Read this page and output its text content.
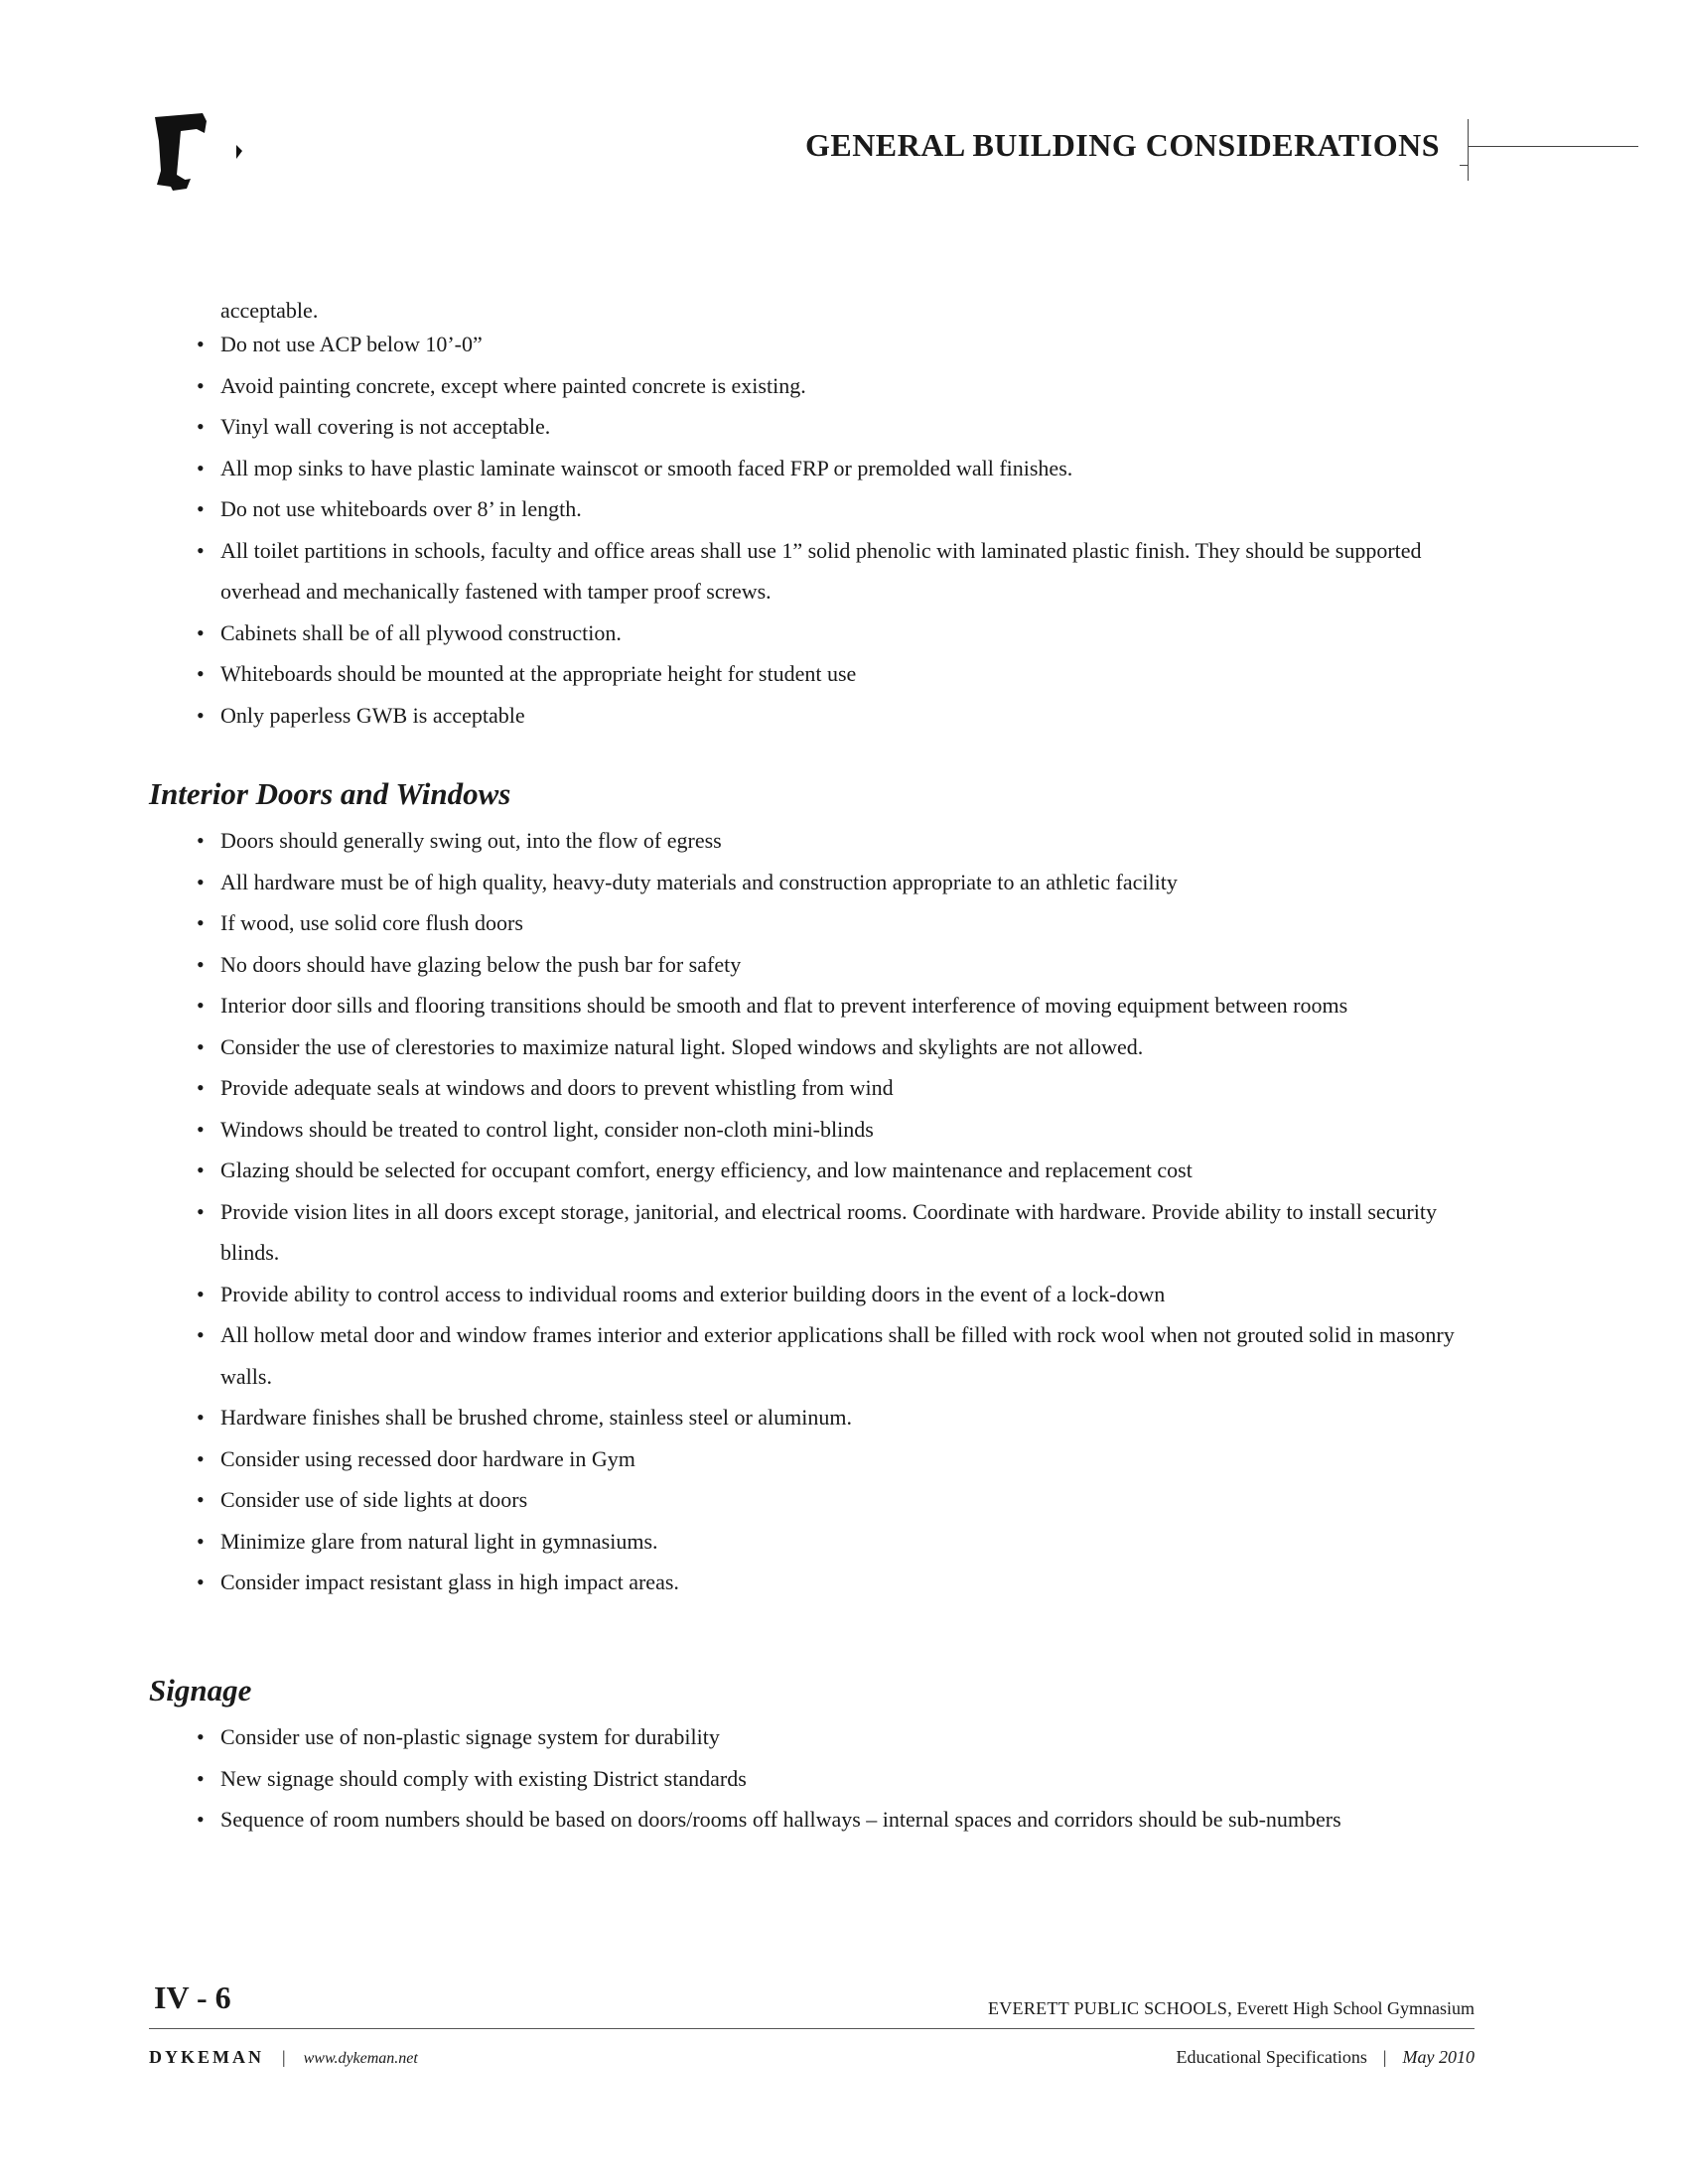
GENERAL BUILDING CONSIDERATIONS
acceptable.
• Do not use ACP below 10’-0”
• Avoid painting concrete, except where painted concrete is existing.
• Vinyl wall covering is not acceptable.
• All mop sinks to have plastic laminate wainscot or smooth faced FRP or premolded wall finishes.
• Do not use whiteboards over 8’ in length.
• All toilet partitions in schools, faculty and office areas shall use 1” solid phenolic with laminated plastic finish. They should be supported overhead and mechanically fastened with tamper proof screws.
• Cabinets shall be of all plywood construction.
• Whiteboards should be mounted at the appropriate height for student use
• Only paperless GWB is acceptable
Interior Doors and Windows
• Doors should generally swing out, into the flow of egress
• All hardware must be of high quality, heavy-duty materials and construction appropriate to an athletic facility
• If wood, use solid core flush doors
• No doors should have glazing below the push bar for safety
• Interior door sills and flooring transitions should be smooth and flat to prevent interference of moving equipment between rooms
• Consider the use of clerestories to maximize natural light. Sloped windows and skylights are not allowed.
• Provide adequate seals at windows and doors to prevent whistling from wind
• Windows should be treated to control light, consider non-cloth mini-blinds
• Glazing should be selected for occupant comfort, energy efficiency, and low maintenance and replacement cost
• Provide vision lites in all doors except storage, janitorial, and electrical rooms. Coordinate with hardware. Provide ability to install security blinds.
• Provide ability to control access to individual rooms and exterior building doors in the event of a lock-down
• All hollow metal door and window frames interior and exterior applications shall be filled with rock wool when not grouted solid in masonry walls.
• Hardware finishes shall be brushed chrome, stainless steel or aluminum.
• Consider using recessed door hardware in Gym
• Consider use of side lights at doors
• Minimize glare from natural light in gymnasiums.
• Consider impact resistant glass in high impact areas.
Signage
• Consider use of non-plastic signage system for durability
• New signage should comply with existing District standards
• Sequence of room numbers should be based on doors/rooms off hallways – internal spaces and corridors should be sub-numbers
IV - 6	EVERETT PUBLIC SCHOOLS, Everett High School Gymnasium
DYKEMAN | www.dykeman.net	Educational Specifications | May 2010
